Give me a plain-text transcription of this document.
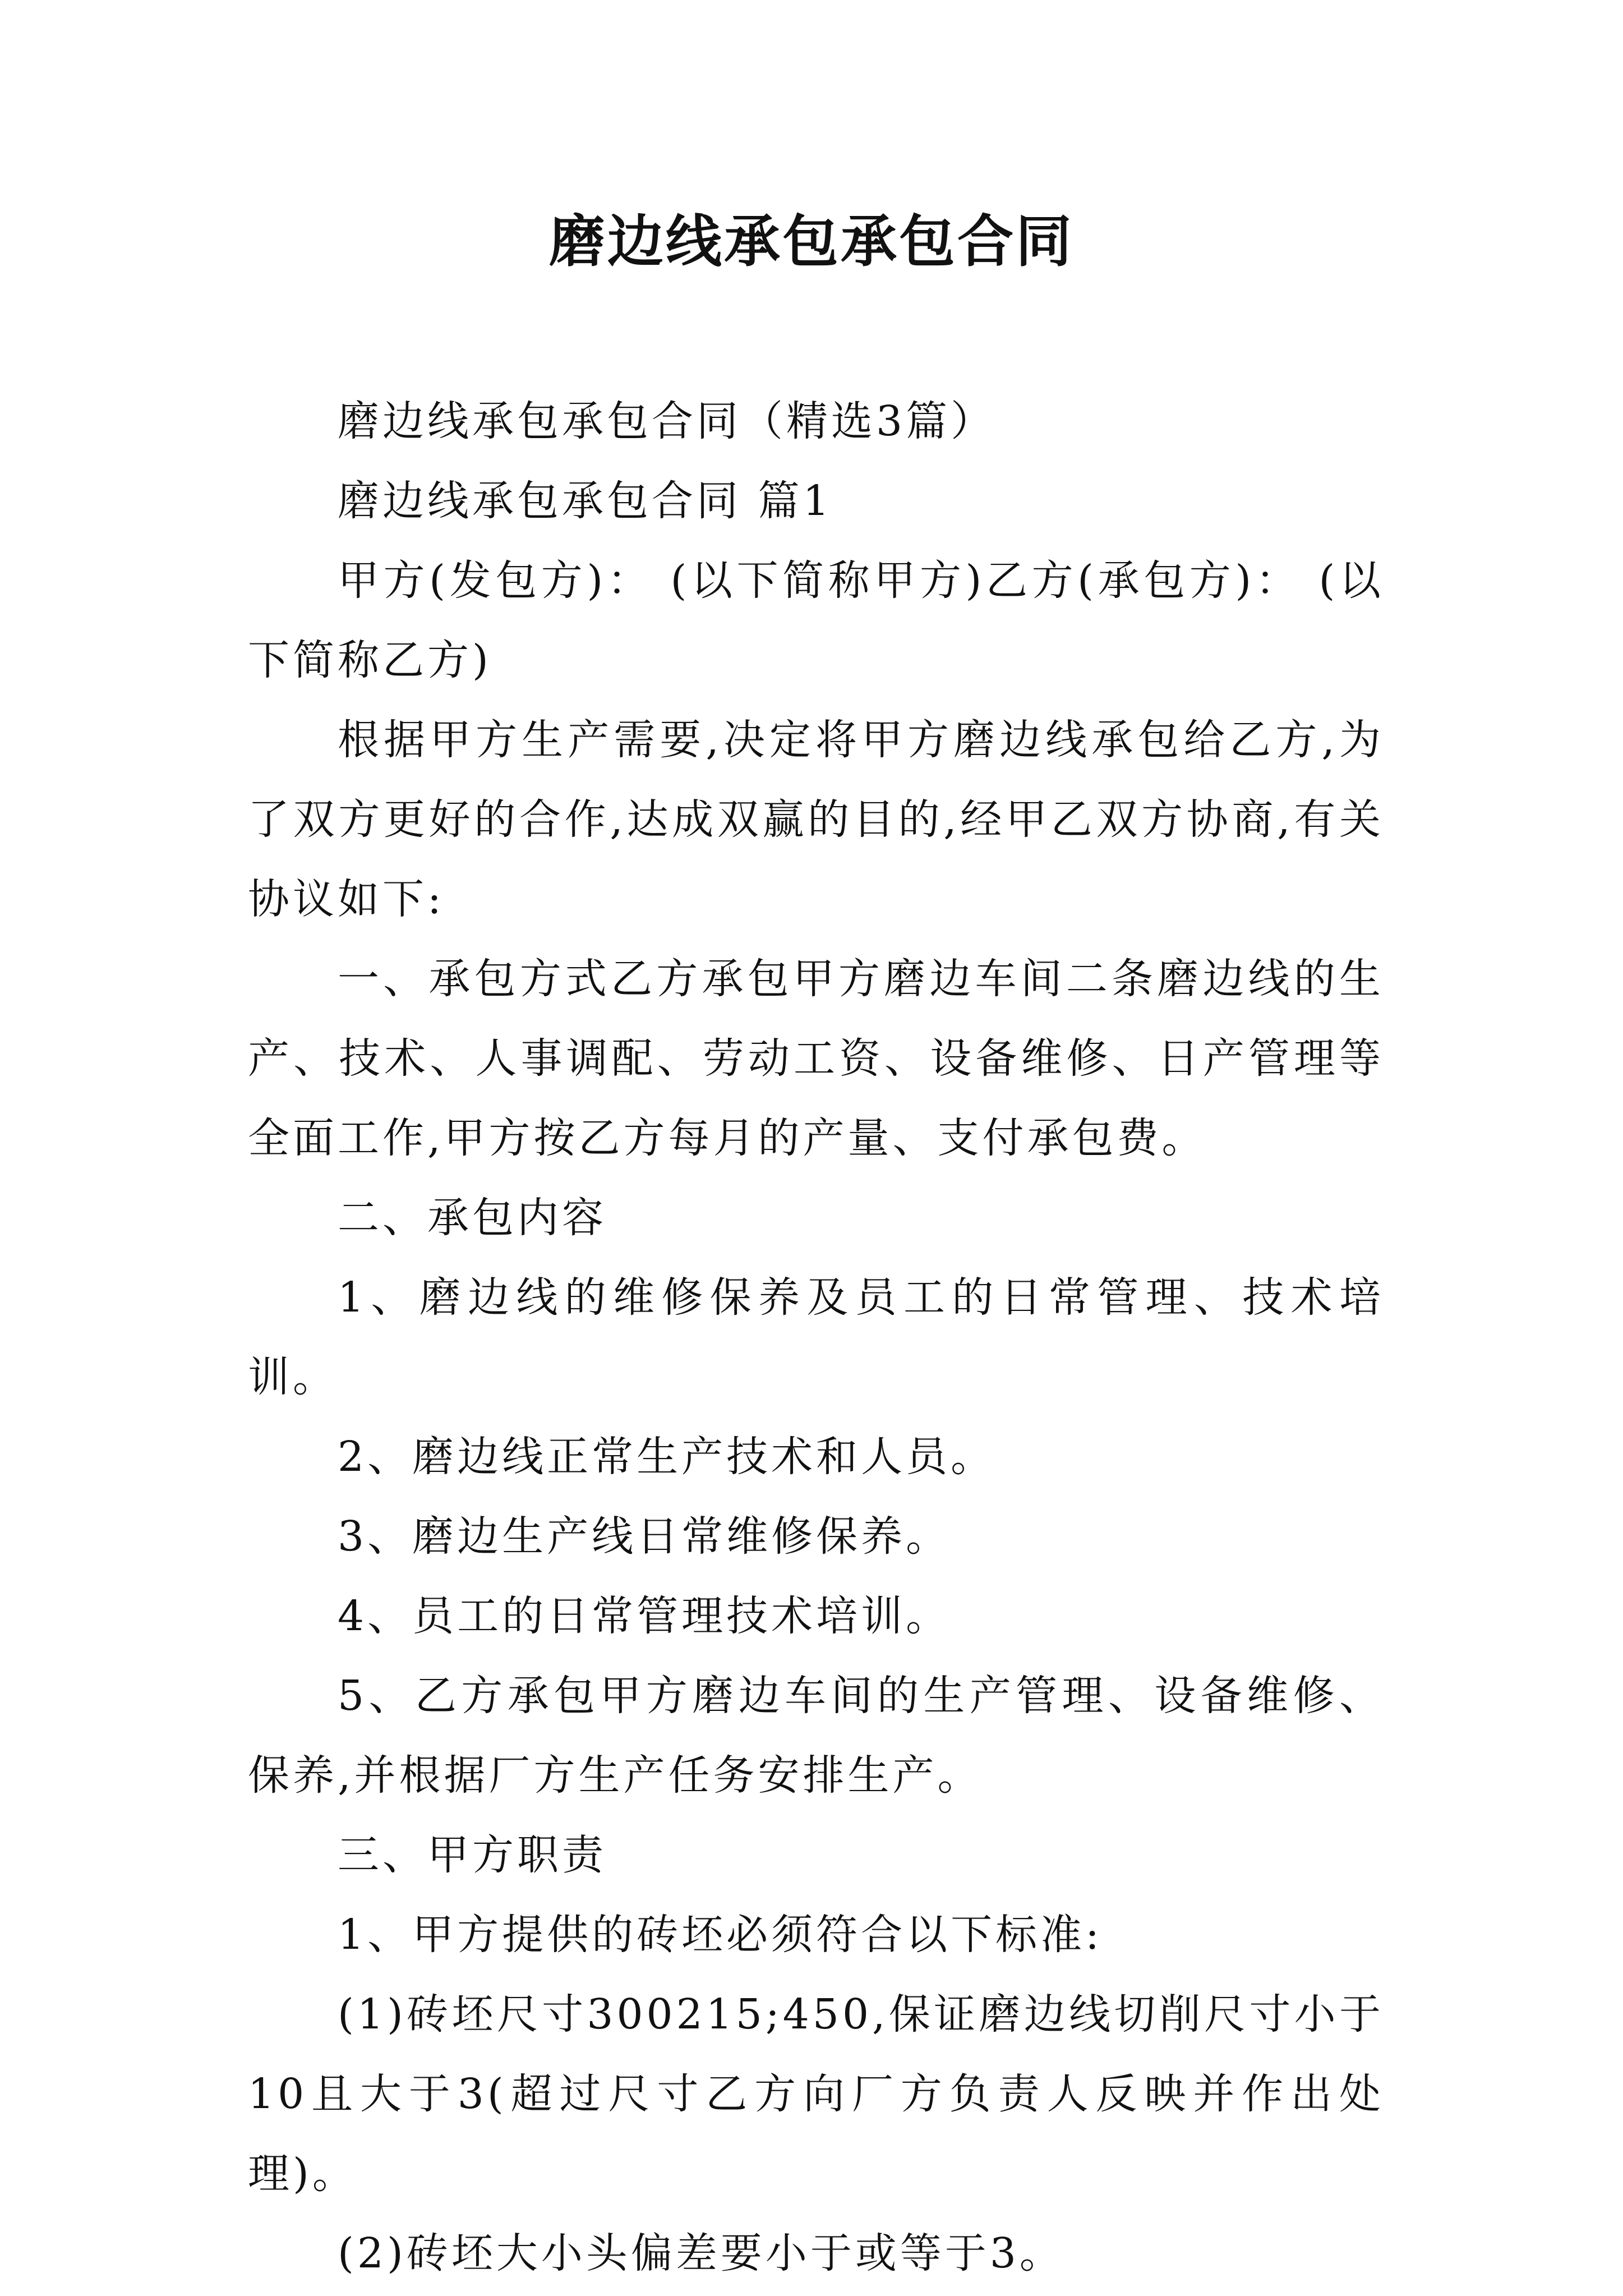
磨边线承包承包合同

磨边线承包承包合同（精选3篇）

磨边线承包承包合同 篇1

甲方(发包方)： (以下简称甲方)乙方(承包方)： (以下简称乙方)

根据甲方生产需要,决定将甲方磨边线承包给乙方,为了双方更好的合作,达成双赢的目的,经甲乙双方协商,有关协议如下:

一、承包方式乙方承包甲方磨边车间二条磨边线的生产、技术、人事调配、劳动工资、设备维修、日产管理等全面工作,甲方按乙方每月的产量、支付承包费。

二、承包内容

1、磨边线的维修保养及员工的日常管理、技术培训。

2、磨边线正常生产技术和人员。

3、磨边生产线日常维修保养。

4、员工的日常管理技术培训。

5、乙方承包甲方磨边车间的生产管理、设备维修、保养,并根据厂方生产任务安排生产。

三、甲方职责

1、甲方提供的砖坯必须符合以下标准:

(1)砖坯尺寸300215;450,保证磨边线切削尺寸小于10且大于3(超过尺寸乙方向厂方负责人反映并作出处理)。

(2)砖坯大小头偏差要小于或等于3。
